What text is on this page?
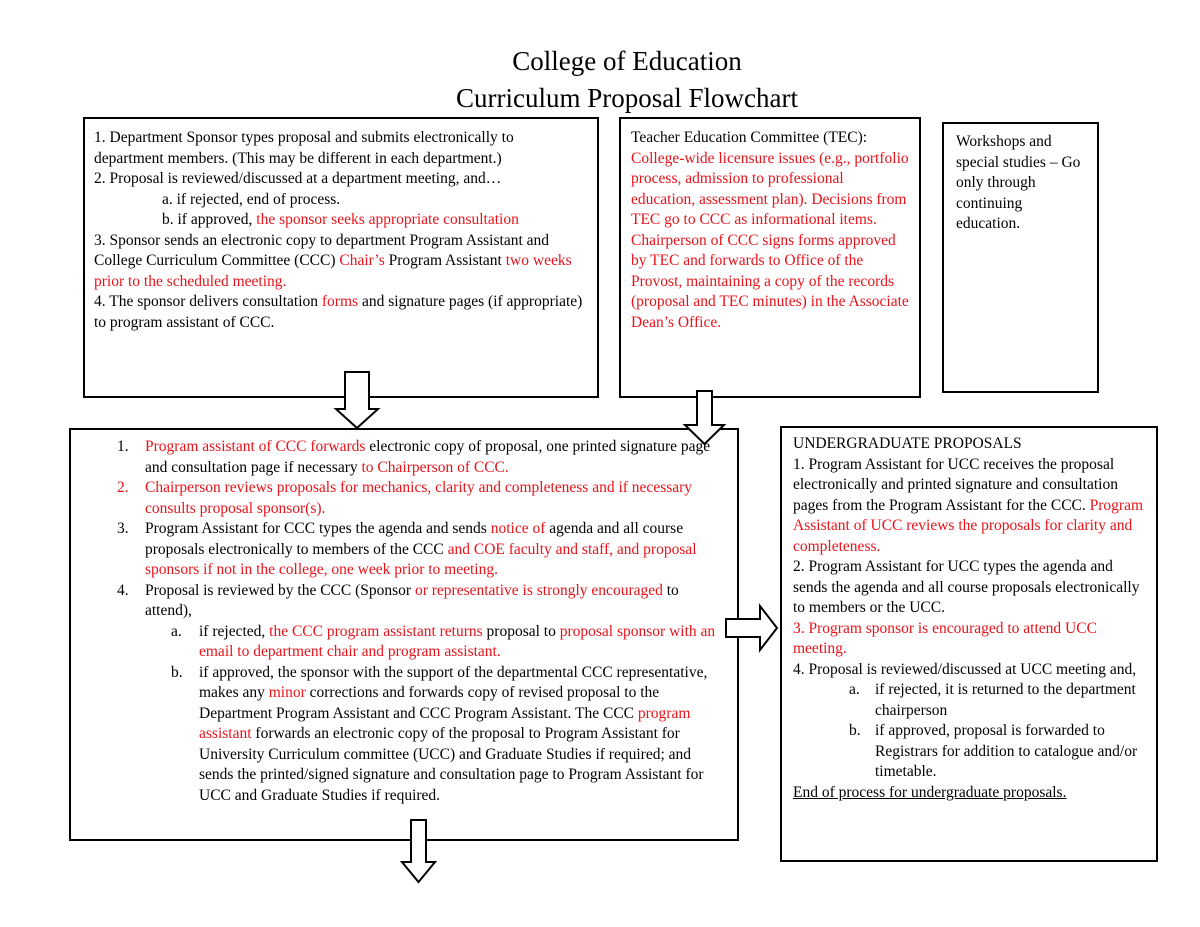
College of Education
Curriculum Proposal Flowchart

1. Department Sponsor types proposal and submits electronically to department members. (This may be different in each department.)

2. Proposal is reviewed/discussed at a department meeting, and…

a. if rejected, end of process.

b. if approved, the sponsor seeks appropriate consultation

3. Sponsor sends an electronic copy to department Program Assistant and College Curriculum Committee (CCC) Chair’s Program Assistant two weeks prior to the scheduled meeting.

4. The sponsor delivers consultation forms and signature pages (if appropriate) to program assistant of CCC.

Teacher Education Committee (TEC):

College-wide licensure issues (e.g., portfolio process, admission to professional education, assessment plan). Decisions from TEC go to CCC as informational items. Chairperson of CCC signs forms approved by TEC and forwards to Office of the Provost, maintaining a copy of the records (proposal and TEC minutes) in the Associate Dean’s Office.

Workshops and special studies – Go only through continuing education.

1. Program assistant of CCC forwards electronic copy of proposal, one printed signature page and consultation page if necessary to Chairperson of CCC.
2. Chairperson reviews proposals for mechanics, clarity and completeness and if necessary consults proposal sponsor(s).
3. Program Assistant for CCC types the agenda and sends notice of agenda and all course proposals electronically to members of the CCC and COE faculty and staff, and proposal sponsors if not in the college, one week prior to meeting.
4. Proposal is reviewed by the CCC (Sponsor or representative is strongly encouraged to attend),
a. if rejected, the CCC program assistant returns proposal to proposal sponsor with an email to department chair and program assistant.
b. if approved, the sponsor with the support of the departmental CCC representative, makes any minor corrections and forwards copy of revised proposal to the Department Program Assistant and CCC Program Assistant. The CCC program assistant forwards an electronic copy of the proposal to Program Assistant for University Curriculum committee (UCC) and Graduate Studies if required; and sends the printed/signed signature and consultation page to Program Assistant for UCC and Graduate Studies if required.

UNDERGRADUATE PROPOSALS

1. Program Assistant for UCC receives the proposal electronically and printed signature and consultation pages from the Program Assistant for the CCC. Program Assistant of UCC reviews the proposals for clarity and completeness.

2. Program Assistant for UCC types the agenda and sends the agenda and all course proposals electronically to members or the UCC.

3. Program sponsor is encouraged to attend UCC meeting.

4. Proposal is reviewed/discussed at UCC meeting and,

a. if rejected, it is returned to the department chairperson
b. if approved, proposal is forwarded to Registrars for addition to catalogue and/or timetable.

End of process for undergraduate proposals.
